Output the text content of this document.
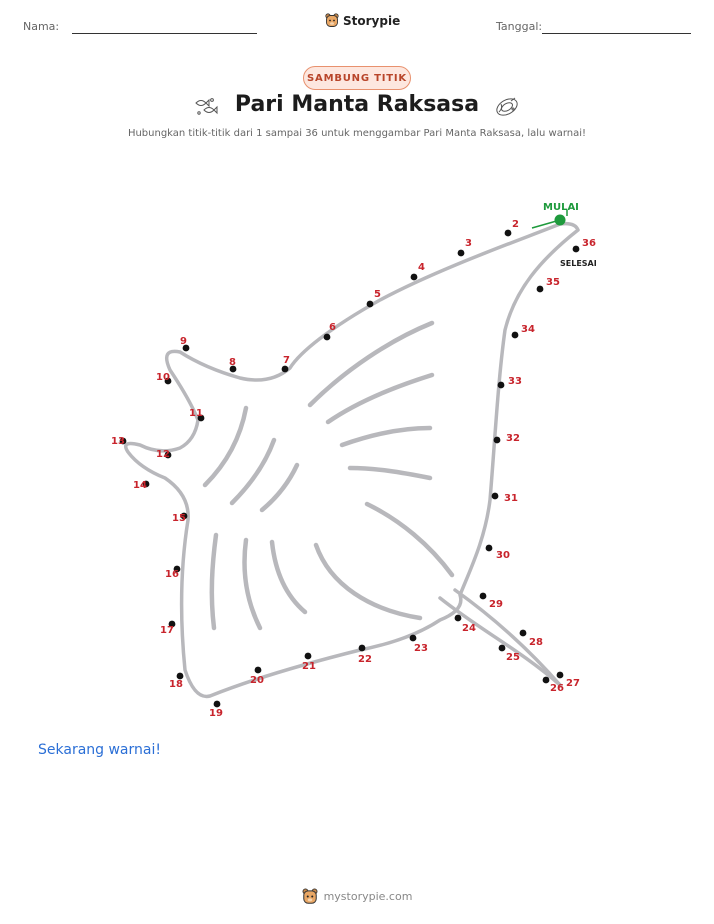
Nama:	Storypie	Tanggal:
SAMBUNG TITIK
Pari Manta Raksasa
Hubungkan titik-titik dari 1 sampai 36 untuk menggambar Pari Manta Raksasa, lalu warnai!
2
3
4
5
6
7
8
9
10
11
12
13
14
15
16
17
18
19
20
21
22
23
24
25
26 27
28
29
30
31
32
33
34
35
36
MULAI
SELESAI
Sekarang warnai!
mystorypie.com
